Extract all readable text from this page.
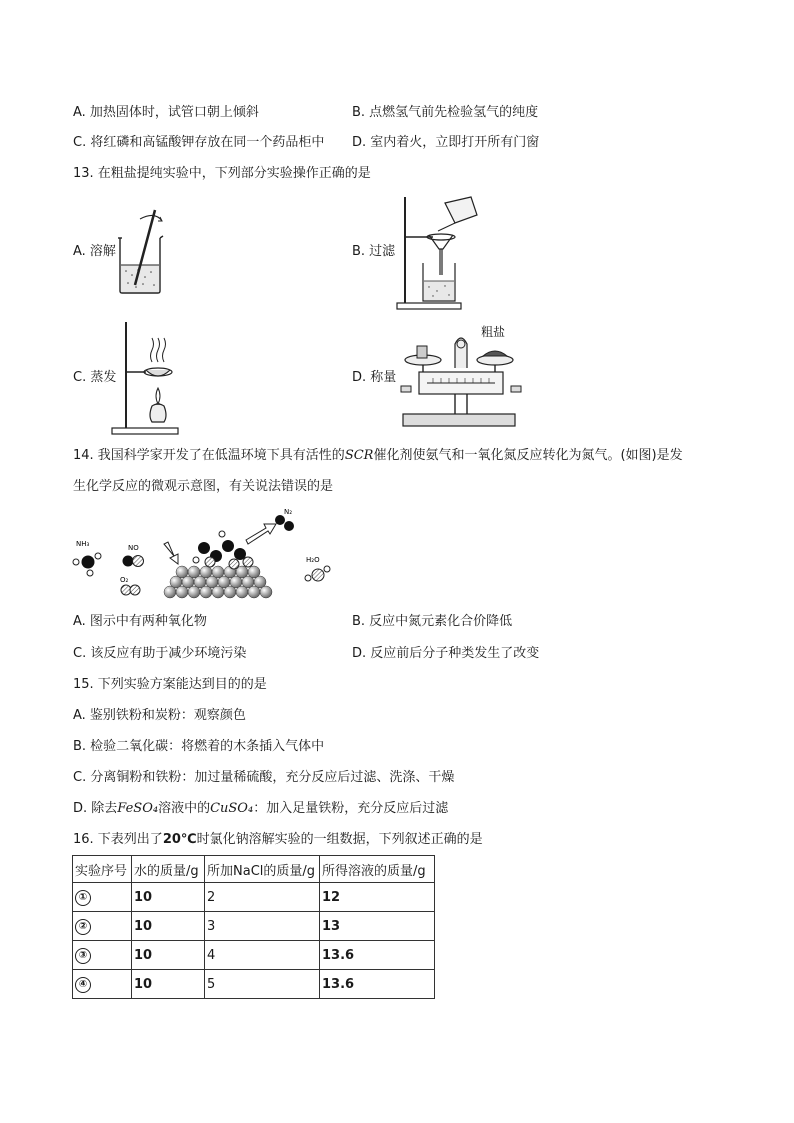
A. 加热固体时，试管口朝上倾斜	B. 点燃氢气前先检验氢气的纯度
C. 将红磷和高锰酸钾存放在同一个药品柜中 D. 室内着火，立即打开所有门窗
13. 在粗盐提纯实验中，下列部分实验操作正确的是
A. 溶解	B. 过滤
C. 蒸发
粗盐
D. 称量
14. 我国科学家开发了在低温环境下具有活性的SCR催化剂使氨气和一氧化氮反应转化为氮气。(如图)是发
生化学反应的微观示意图，有关说法错误的是
NH₃	NO
O₂
N₂
H₂O
A. 图示中有两种氧化物	B. 反应中氮元素化合价降低
C. 该反应有助于减少环境污染	D. 反应前后分子种类发生了改变
15. 下列实验方案能达到目的的是
A. 鉴别铁粉和炭粉：观察颜色
B. 检验二氧化碳：将燃着的木条插入气体中
C. 分离铜粉和铁粉：加过量稀硫酸，充分反应后过滤、洗涤、干燥
D. 除去FeSO₄溶液中的CuSO₄：加入足量铁粉，充分反应后过滤
16. 下表列出了20℃时氯化钠溶解实验的一组数据，下列叙述正确的是
实验序号	水的质量/g	所加NaCl的质量/g	所得溶液的质量/g
①	10	2	12
②	10	3	13
③	10	4	13.6
④	10	5	13.6
